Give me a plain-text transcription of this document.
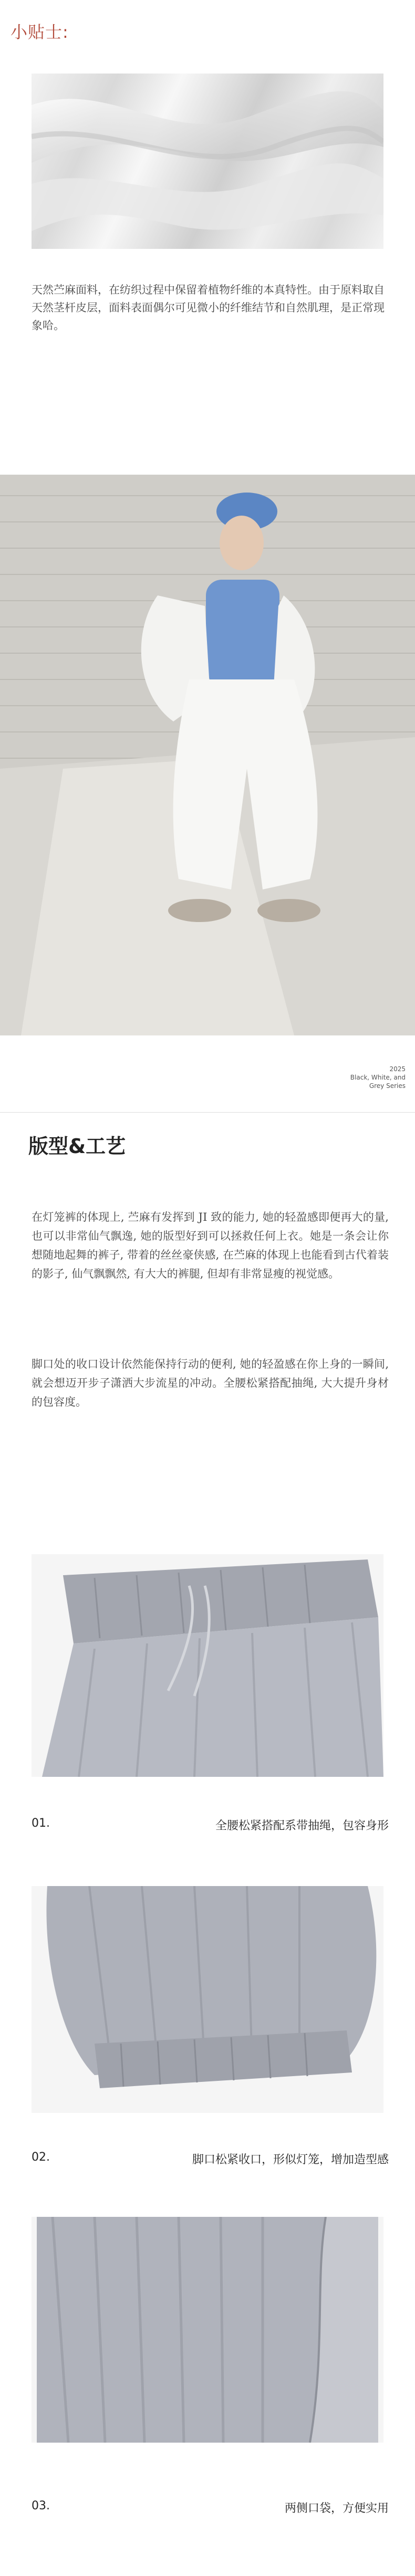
小贴士:
天然苎麻面料，在纺织过程中保留着植物纤维的本真特性。由于原料取自天然茎杆皮层，面料表面偶尔可见微小的纤维结节和自然肌理，是正常现象哈。
2025
Black, White, and
Grey Series
版型&工艺
在灯笼裤的体现上, 苎麻有发挥到 JI 致的能力, 她的轻盈感即便再大的量, 也可以非常仙气飘逸, 她的版型好到可以拯救任何上衣。她是一条会让你想随地起舞的裤子, 带着的丝丝豪侠感, 在苎麻的体现上也能看到古代着装的影子, 仙气飘飘然, 有大大的裤腿, 但却有非常显瘦的视觉感。
脚口处的收口设计依然能保持行动的便利, 她的轻盈感在你上身的一瞬间, 就会想迈开步子潇洒大步流星的冲动。全腰松紧搭配抽绳, 大大提升身材的包容度。
01.	全腰松紧搭配系带抽绳，包容身形
02.	脚口松紧收口，形似灯笼，增加造型感
03.	两侧口袋，方便实用
